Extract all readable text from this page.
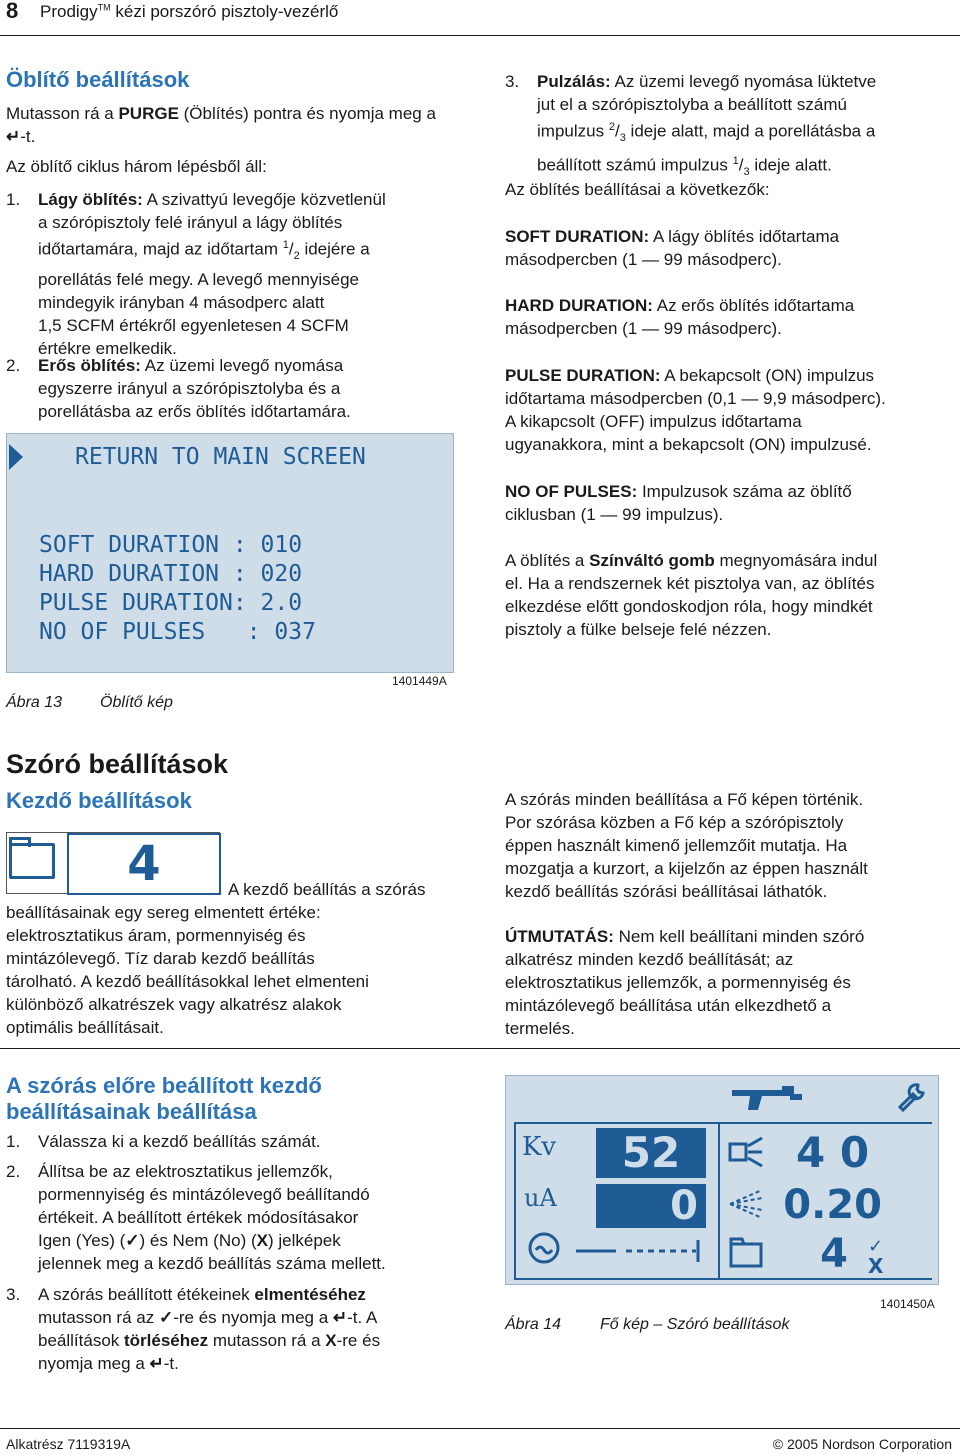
8 Prodigy™ kézi porszóró pisztoly-vezérlő
Öblítő beállítások
Mutasson rá a PURGE (Öblítés) pontra és nyomja meg a ↵-t.
Az öblítő ciklus három lépésből áll:
1. Lágy öblítés: A szivattyú levegője közvetlenül
a szórópisztoly felé irányul a lágy öblítés
időtartamára, majd az időtartam $^1/_2$ idejére a
porellátás felé megy. A levegő mennyisége
mindegyik irányban 4 másodperc alatt
1,5 SCFM értékről egyenletesen 4 SCFM
értékre emelkedik.
2. Erős öblítés: Az üzemi levegő nyomása
egyszerre irányul a szórópisztolyba és a
porellátásba az erős öblítés időtartamára.
RETURN TO MAIN SCREEN
SOFT DURATION : 010
HARD DURATION : 020
PULSE DURATION: 2.0
NO OF PULSES   : 037
1401449A
Ábra 13 Öblítő kép
3. Pulzálás: Az üzemi levegő nyomása lüktetve
jut el a szórópisztolyba a beállított számú
impulzus $^2/_3$ ideje alatt, majd a porellátásba a
beállított számú impulzus $^1/_3$ ideje alatt.
Az öblítés beállításai a következők:
SOFT DURATION: A lágy öblítés időtartama
másodpercben (1 — 99 másodperc).
HARD DURATION: Az erős öblítés időtartama
másodpercben (1 — 99 másodperc).
PULSE DURATION: A bekapcsolt (ON) impulzus
időtartama másodpercben (0,1 — 9,9 másodperc).
A kikapcsolt (OFF) impulzus időtartama
ugyanakkora, mint a bekapcsolt (ON) impulzusé.
NO OF PULSES: Impulzusok száma az öblítő
ciklusban (1 — 99 impulzus).
A öblítés a Színváltó gomb megnyomására indul
el. Ha a rendszernek két pisztolya van, az öblítés
elkezdése előtt gondoskodjon róla, hogy mindkét
pisztoly a fülke belseje felé nézzen.
Szóró beállítások
Kezdő beállítások
4	A kezdő beállítás a szórás
beállításainak egy sereg elmentett értéke:
elektrosztatikus áram, pormennyiség és
mintázólevegő. Tíz darab kezdő beállítás
tárolható. A kezdő beállításokkal lehet elmenteni
különböző alkatrészek vagy alkatrész alakok
optimális beállításait.
A szórás minden beállítása a Fő képen történik.
Por szórása közben a Fő kép a szórópisztoly
éppen használt kimenő jellemzőit mutatja. Ha
mozgatja a kurzort, a kijelzőn az éppen használt
kezdő beállítás szórási beállításai láthatók.
ÚTMUTATÁS: Nem kell beállítani minden szóró
alkatrész minden kezdő beállítását; az
elektrosztatikus jellemzők, a pormennyiség és
mintázólevegő beállítása után elkezdhető a
termelés.
A szórás előre beállított kezdő
beállításainak beállítása
1. Válassza ki a kezdő beállítás számát.
2. Állítsa be az elektrosztatikus jellemzők,
pormennyiség és mintázólevegő beállítandó
értékeit. A beállított értékek módosításakor
Igen (Yes) (✓) és Nem (No) (X) jelképek
jelennek meg a kezdő beállítás száma mellett.
3. A szórás beállított étékeinek elmentéséhez
mutasson rá az ✓-re és nyomja meg a ↵-t. A
beállítások törléséhez mutasson rá a X-re és
nyomja meg a ↵-t.
Kv
uA
52
0
4 0
0.20
4 ✓
X
1401450A
Ábra 14 Fő kép – Szóró beállítások
Alkatrész 7119319A	© 2005 Nordson Corporation
